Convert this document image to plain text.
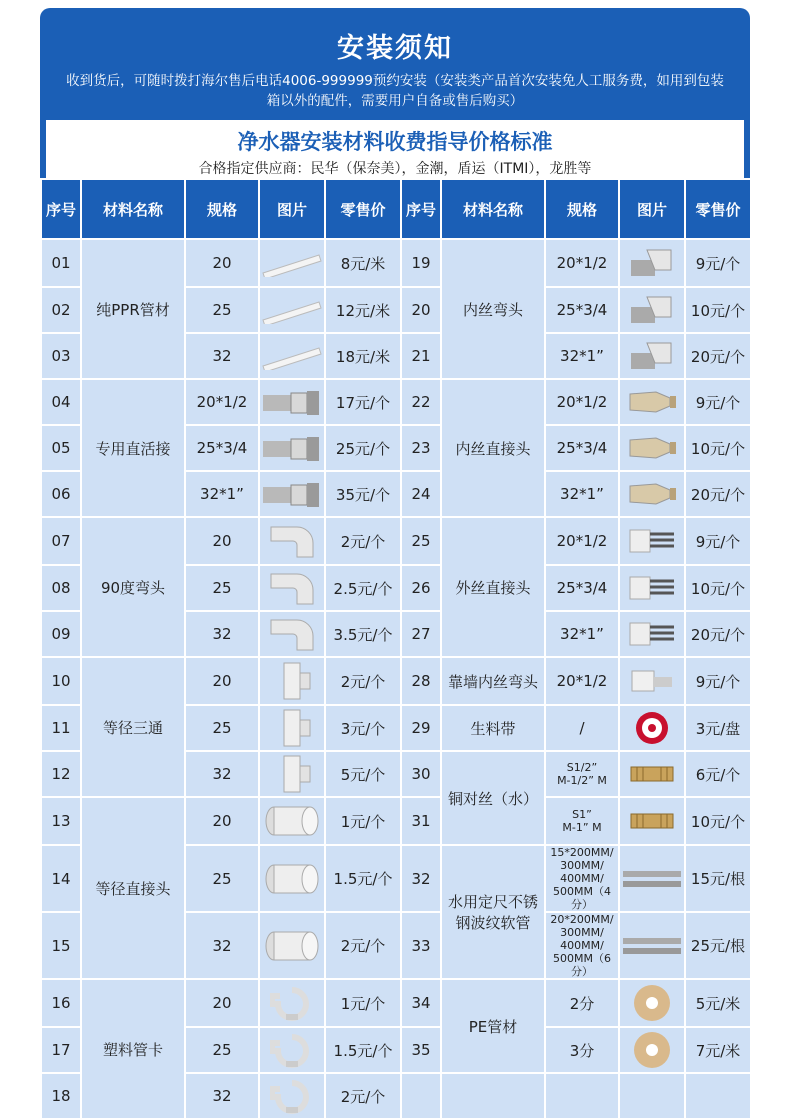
安装须知

收到货后，可随时拨打海尔售后电话4006-999999预约安装（安装类产品首次安装免人工服务费，如用到包装箱以外的配件，需要用户自备或售后购买）

净水器安装材料收费指导价格标准

合格指定供应商：民华（保奈美），金潮，盾运（ITMI），龙胜等

序号	材料名称	规格	图片	零售价	序号	材料名称	规格	图片	零售价
01	纯PPR管材	20		8元/米	19	内丝弯头	20*1/2		9元/个
02		25		12元/米	20		25*3/4		10元/个
03		32		18元/米	21		32*1”		20元/个
04	专用直活接	20*1/2		17元/个	22	内丝直接头	20*1/2		9元/个
05		25*3/4		25元/个	23		25*3/4		10元/个
06		32*1”		35元/个	24		32*1”		20元/个
07	90度弯头	20		2元/个	25	外丝直接头	20*1/2		9元/个
08		25		2.5元/个	26		25*3/4		10元/个
09		32		3.5元/个	27		32*1”		20元/个
10	等径三通	20		2元/个	28	靠墙内丝弯头	20*1/2		9元/个
11		25		3元/个	29	生料带	/		3元/盘
12		32		5元/个	30	铜对丝（水）	S1/2”
M-1/2” M		6元/个
13	等径直接头	20		1元/个	31		S1”
M-1” M		10元/个
14		25		1.5元/个	32	水用定尺不锈钢波纹软管	15*200MM/
300MM/
400MM/
500MM（4分）		15元/根
15		32		2元/个	33		20*200MM/
300MM/
400MM/
500MM（6分）		25元/根
16	塑料管卡	20		1元/个	34	PE管材	2分		5元/米
17		25		1.5元/个	35		3分		7元/米
18		32		2元/个					
